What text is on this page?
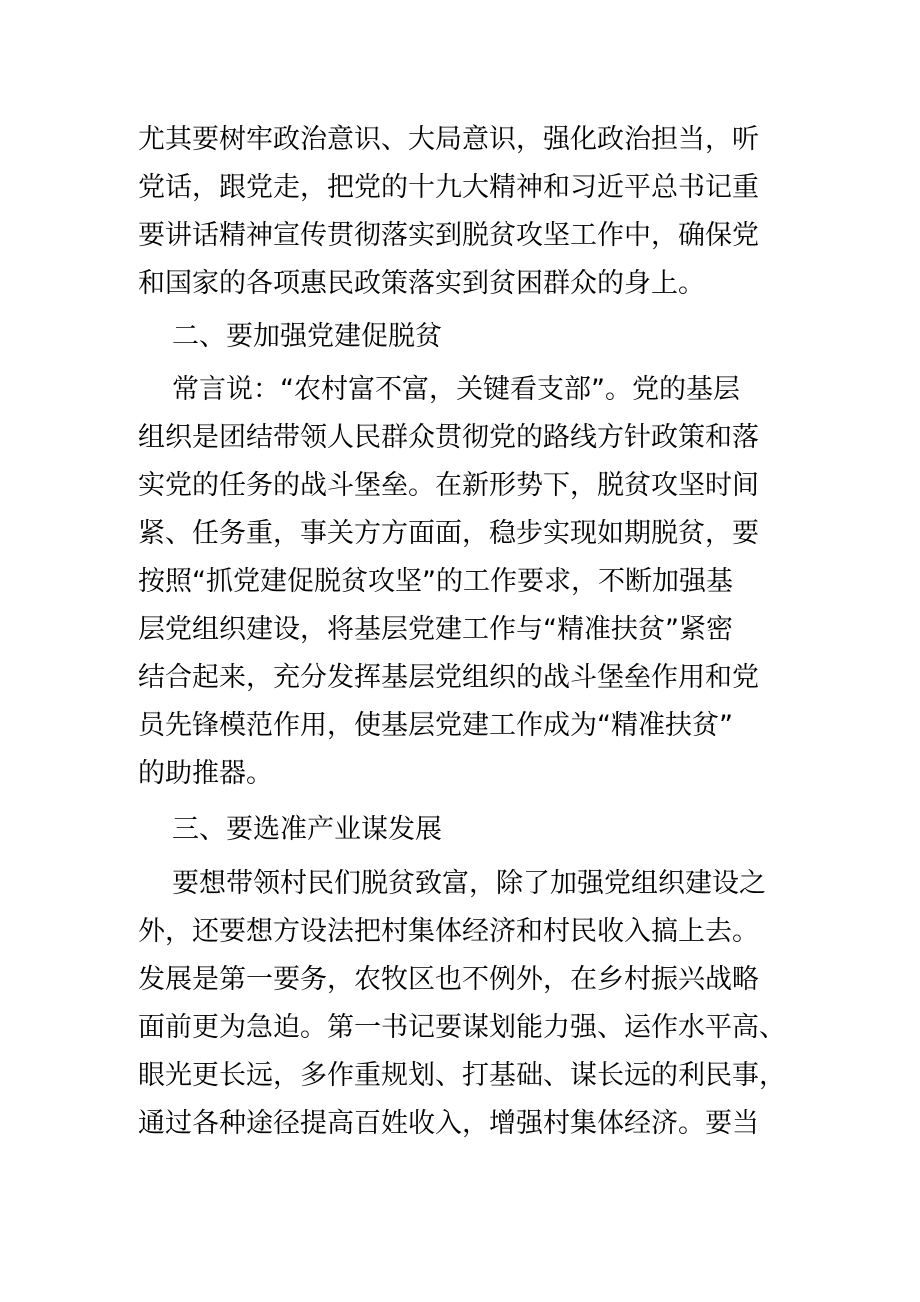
尤其要树牢政治意识、大局意识，强化政治担当，听
党话，跟党走，把党的十九大精神和习近平总书记重
要讲话精神宣传贯彻落实到脱贫攻坚工作中，确保党
和国家的各项惠民政策落实到贫困群众的身上。
二、要加强党建促脱贫
常言说：“农村富不富，关键看支部”。党的基层
组织是团结带领人民群众贯彻党的路线方针政策和落
实党的任务的战斗堡垒。在新形势下，脱贫攻坚时间
紧、任务重，事关方方面面，稳步实现如期脱贫，要
按照“抓党建促脱贫攻坚”的工作要求，不断加强基
层党组织建设，将基层党建工作与“精准扶贫”紧密
结合起来，充分发挥基层党组织的战斗堡垒作用和党
员先锋模范作用，使基层党建工作成为“精准扶贫”
的助推器。
三、要选准产业谋发展
要想带领村民们脱贫致富，除了加强党组织建设之
外，还要想方设法把村集体经济和村民收入搞上去。
发展是第一要务，农牧区也不例外，在乡村振兴战略
面前更为急迫。第一书记要谋划能力强、运作水平高、
眼光更长远，多作重规划、打基础、谋长远的利民事，
通过各种途径提高百姓收入，增强村集体经济。要当
